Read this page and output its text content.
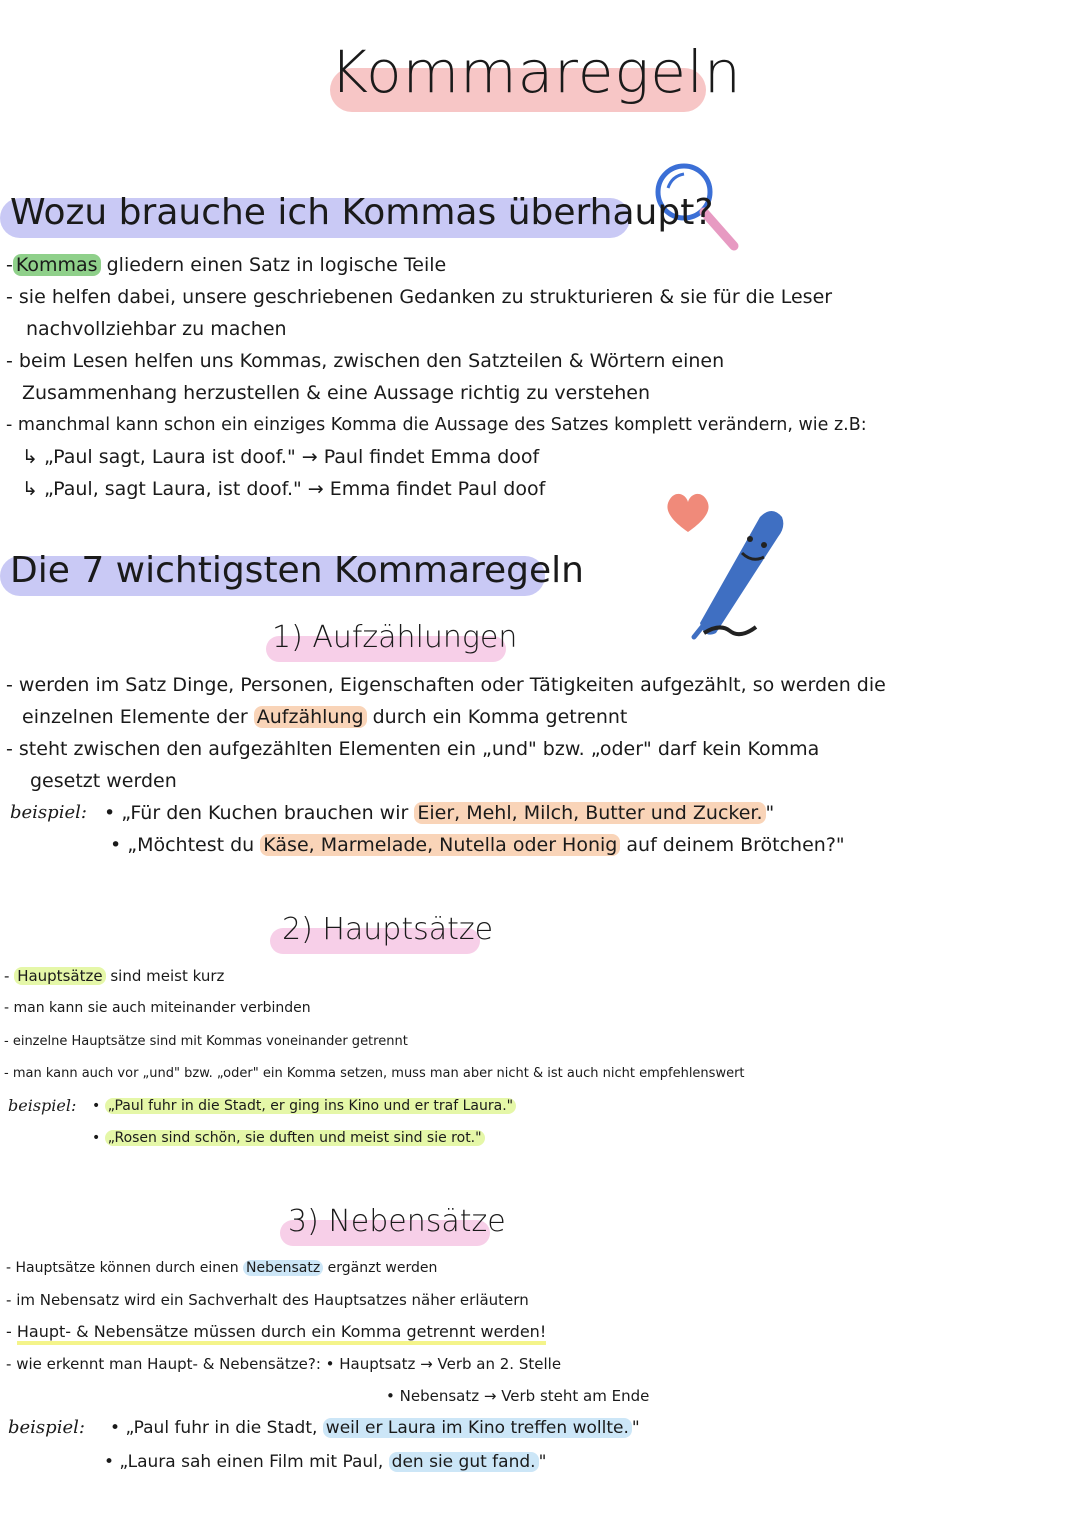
Kommaregeln
Wozu brauche ich Kommas überhaupt?
- Kommas gliedern einen Satz in logische Teile
- sie helfen dabei, unsere geschriebenen Gedanken zu strukturieren & sie für die Leser
nachvollziehbar zu machen
- beim Lesen helfen uns Kommas, zwischen den Satzteilen & Wörtern einen
Zusammenhang herzustellen & eine Aussage richtig zu verstehen
- manchmal kann schon ein einziges Komma die Aussage des Satzes komplett verändern, wie z.B:
↳ „Paul sagt, Laura ist doof." → Paul findet Emma doof
↳ „Paul, sagt Laura, ist doof." → Emma findet Paul doof
Die 7 wichtigsten Kommaregeln
1) Aufzählungen
- werden im Satz Dinge, Personen, Eigenschaften oder Tätigkeiten aufgezählt, so werden die
einzelnen Elemente der Aufzählung durch ein Komma getrennt
- steht zwischen den aufgezählten Elementen ein „und" bzw. „oder" darf kein Komma
gesetzt werden
beispiel: • „Für den Kuchen brauchen wir Eier, Mehl, Milch, Butter und Zucker. "
• „Möchtest du Käse, Marmelade, Nutella oder Honig auf deinem Brötchen?"
2) Hauptsätze
- Hauptsätze sind meist kurz
- man kann sie auch miteinander verbinden
- einzelne Hauptsätze sind mit Kommas voneinander getrennt
- man kann auch vor „und" bzw. „oder" ein Komma setzen, muss man aber nicht & ist auch nicht empfehlenswert
beispiel: • „Paul fuhr in die Stadt, er ging ins Kino und er traf Laura."
• „Rosen sind schön, sie duften und meist sind sie rot."
3) Nebensätze
- Hauptsätze können durch einen Nebensatz ergänzt werden
- im Nebensatz wird ein Sachverhalt des Hauptsatzes näher erläutern
- Haupt- & Nebensätze müssen durch ein Komma getrennt werden!
- wie erkennt man Haupt- & Nebensätze?: • Hauptsatz → Verb an 2. Stelle
• Nebensatz → Verb steht am Ende
beispiel: • „Paul fuhr in die Stadt, weil er Laura im Kino treffen wollte. "
• „Laura sah einen Film mit Paul, den sie gut fand. "
